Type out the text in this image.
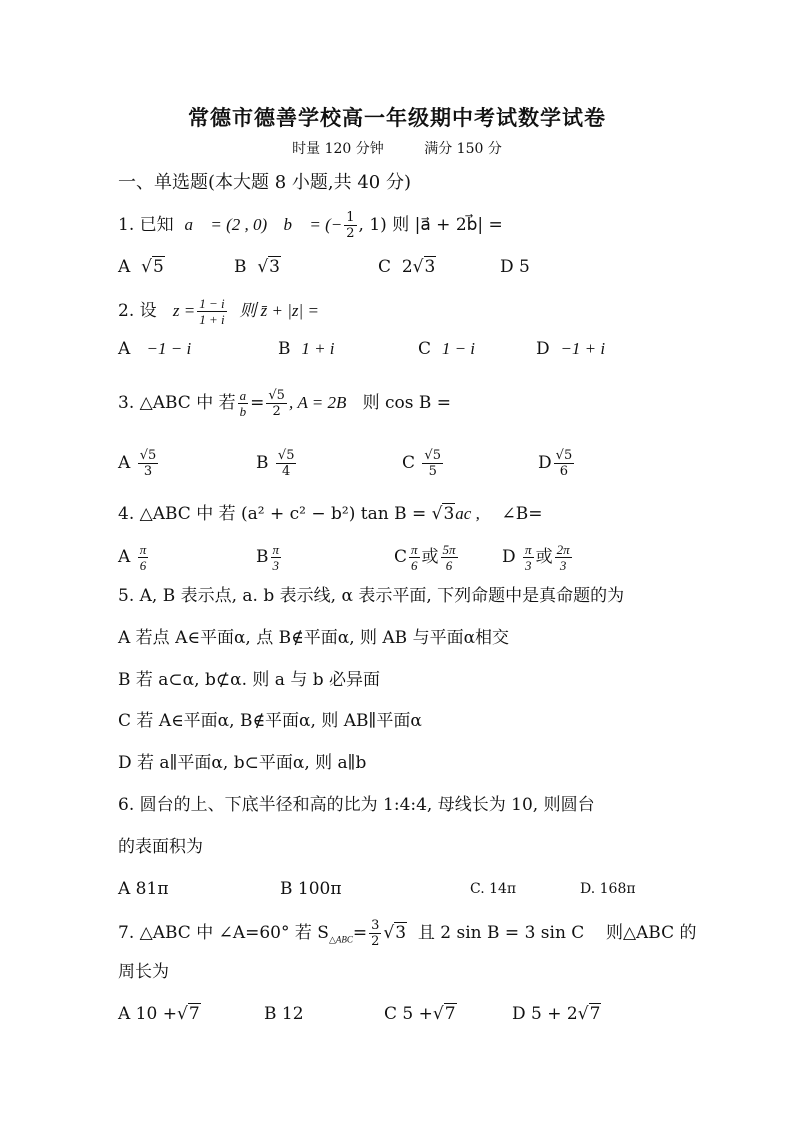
常德市德善学校高一年级期中考试数学试卷
时量 120 分钟	满分 150 分
一、单选题(本大题 8 小题,共 40 分)
1. 已知 a⃗ = (2 , 0) b⃗ = (− $\frac{1}{2}$ , 1) 则 |a⃗ + 2b⃗| =
A √5	B √3	C 2√3	D 5
2. 设 $z = \frac{1 - i}{1 + i}$ 则 z̄ + |z| =
A −1 − i	B 1 + i	C 1 − i	D −1 + i
3. △ABC 中 若 $\frac{a}{b} = \frac{√5}{2}$ , A = 2B 则 cos B =
A $\frac{√5}{3}$	B $\frac{√5}{4}$	C $\frac{√5}{5}$	D $\frac{√5}{6}$
4. △ABC 中 若 (a² + c² − b²) tan B = √3ac , ∠B=
A $\frac{\pi}{6}$	B $\frac{\pi}{3}$	C $\frac{\pi}{6}$ 或 $\frac{5\pi}{6}$	D $\frac{\pi}{3}$ 或 $\frac{2\pi}{3}$
5. A, B 表示点, a. b 表示线, α 表示平面, 下列命题中是真命题的为
A 若点 A∈平面α, 点 B∉平面α, 则 AB 与平面α相交
B 若 a⊂α, b⊄α. 则 a 与 b 必异面
C 若 A∈平面α, B∉平面α, 则 AB∥平面α
D 若 a∥平面α, b⊂平面α, 则 a∥b
6. 圆台的上、下底半径和高的比为 1:4:4, 母线长为 10, 则圆台
的表面积为
A 81π	B 100π	C. 14π	D. 168π
7. △ABC 中 ∠A=60° 若 $S_{\triangle ABC}= \frac{3}{2} √3$ 且 2 sin B = 3 sin C 则△ABC 的
周长为
A 10 +√7	B 12	C 5 +√7	D 5 + 2√7
